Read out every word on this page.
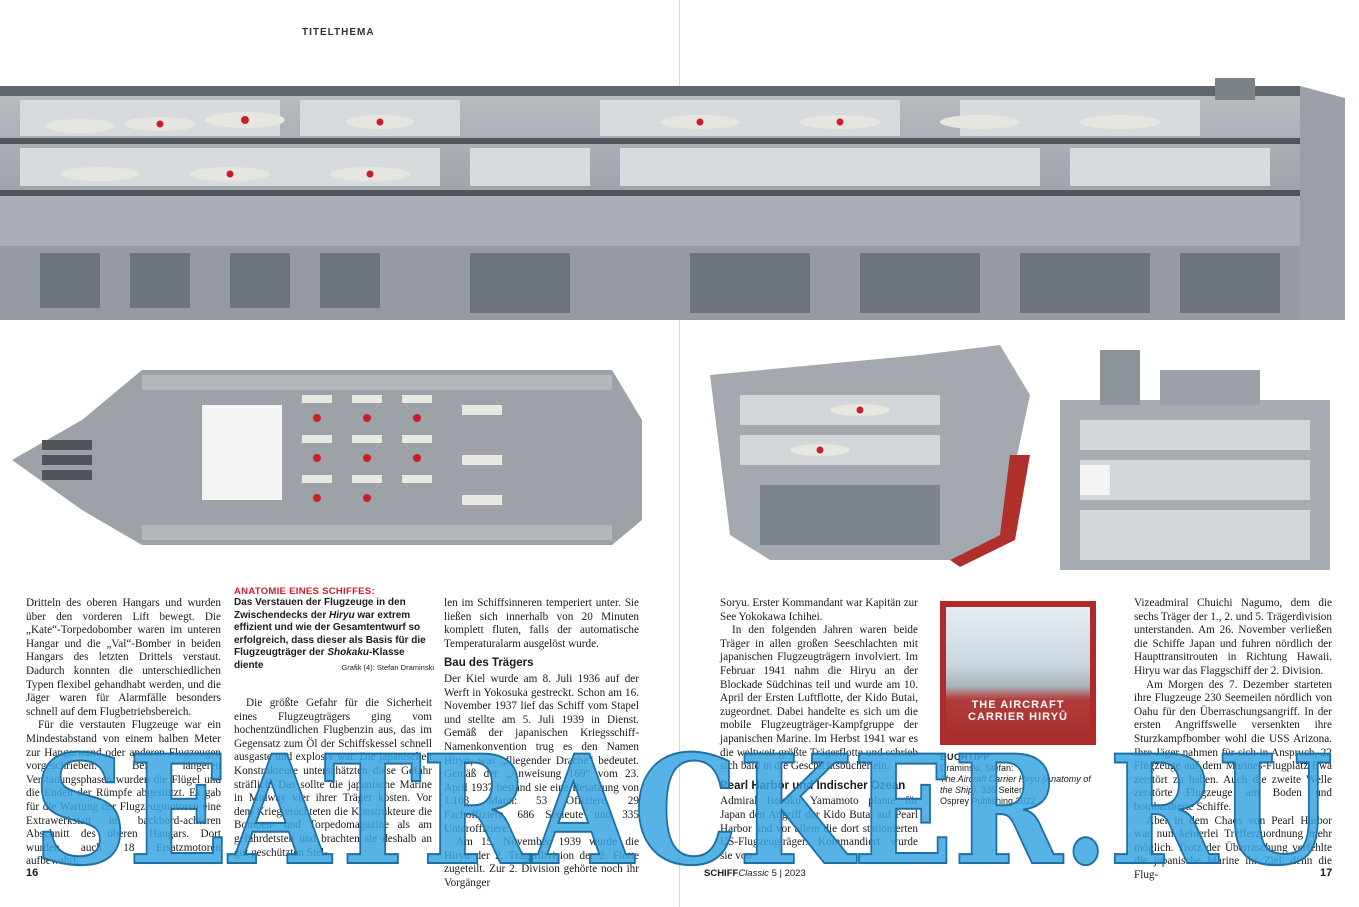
TITELTHEMA

Dritteln des oberen Hangars und wurden über den vorderen Lift bewegt. Die „Kate“-Torpedobomber waren im unteren Hangar und die „Val“-Bomber in beiden Hangars des letzten Drittels verstaut. Dadurch konnten die unterschiedlichen Typen flexibel gehandhabt werden, und die Jäger waren für Alarmfälle besonders schnell auf dem Flugbetriebsbereich.

Für die verstauten Flugzeuge war ein Mindestabstand von einem halben Meter zur Hangarwand oder anderen Flugzeugen vorgeschrieben. Bei längeren Verstauungsphasen wurden die Flügel und die Enden der Rümpfe abgestützt. Es gab für die Wartung der Flugzeugmotoren eine Extrawerkstatt im backbord-achteren Abschnitt des oberen Hangars. Dort wurden auch 18 Ersatzmotoren aufbewahrt.

ANATOMIE EINES SCHIFFES:
Das Verstauen der Flugzeuge in den Zwischendecks der Hiryu war extrem effizient und wie der Gesamtentwurf so erfolgreich, dass dieser als Basis für die Flugzeugträger der Shokaku-Klasse diente	Grafik (4): Stefan Draminski

Die größte Gefahr für die Sicherheit eines Flugzeugträgers ging vom hochentzündlichen Flugbenzin aus, das im Gegensatz zum Öl der Schiffskessel schnell ausgaste und explosiv war. Die japanischen Konstrukteure unterschätzten diese Gefahr sträflich. Das sollte die japanische Marine in Midway vier ihrer Träger kosten. Vor dem Krieg erachteten die Konstrukteure die Bomben- und Torpedomagazine als am gefährdetsten und brachten sie deshalb an gut geschützten Stel-

len im Schiffsinneren temperiert unter. Sie ließen sich innerhalb von 20 Minuten komplett fluten, falls der automatische Temperaturalarm ausgelöst wurde.

Bau des Trägers

Der Kiel wurde am 8. Juli 1936 auf der Werft in Yokosuka gestreckt. Schon am 16. November 1937 lief das Schiff vom Stapel und stellte am 5. Juli 1939 in Dienst. Gemäß der japanischen Kriegsschiff-Namenkonvention trug es den Namen Hiryu, was „fliegender Drache“ bedeutet. Gemäß der „Anweisung 169“ vom 23. April 1937 bestand sie eine Besatzung von 1.103 Mann: 53 Offiziere, 29 Fachoffiziere, 686 Seeleute und 335 Unteroffiziere.

Am 15. November 1939 wurde die Hiryu der 2. Trägerdivision der 2. Flotte zugeteilt. Zur 2. Division gehörte noch ihr Vorgänger

Soryu. Erster Kommandant war Kapitän zur See Yokokawa Ichihei.

In den folgenden Jahren waren beide Träger in allen großen Seeschlachten mit japanischen Flugzeugträgern involviert. Im Februar 1941 nahm die Hiryu an der Blockade Südchinas teil und wurde am 10. April der Ersten Luftflotte, der Kido Butai, zugeordnet. Dabei handelte es sich um die mobile Flugzeugträger-Kampfgruppe der japanischen Marine. Im Herbst 1941 war es die weltweit größte Trägerflotte und schrieb sich bald in die Geschichtsbücher ein.

Pearl Harbor und Indischer Ozean

Admiral Isoroku Yamamoto plante für Japan den Angriff der Kido Butai auf Pearl Harbor und vor allem die dort stationierten US-Flugzeugträger. Kommandiert wurde sie von

THE AIRCRAFT
CARRIER HIRYŪ
BUCHTIPP
Draminski, Stefan:
The Aircraft Carrier Hiryu (Anatomy of the Ship). 336 Seiten
Osprey Publishing 2022

Vizeadmiral Chuichi Nagumo, dem die sechs Träger der 1., 2. und 5. Trägerdivision unterstanden. Am 26. November verließen die Schiffe Japan und fuhren nördlich der Haupttransitrouten in Richtung Hawaii. Hiryu war das Flaggschiff der 2. Division.

Am Morgen des 7. Dezember starteten ihre Flugzeuge 230 Seemeilen nördlich von Oahu für den Überraschungsangriff. In der ersten Angriffswelle versenkten ihre Sturzkampfbomber wohl die USS Arizona. Ihre Jäger nahmen für sich in Anspruch, 22 Flugzeuge auf dem Marines-Flugplatz Ewa zerstört zu haben. Auch die zweite Welle zerstörte Flugzeuge am Boden und bombardierte Schiffe.

Aber in dem Chaos von Pearl Harbor war nun keinerlei Trefferzuordnung mehr möglich. Trotz der Überraschung verfehlte die japanische Marine ihr Ziel, denn die Flug-

SEATRACKER.RU
16	SCHIFFClassic 5 | 2023	17
